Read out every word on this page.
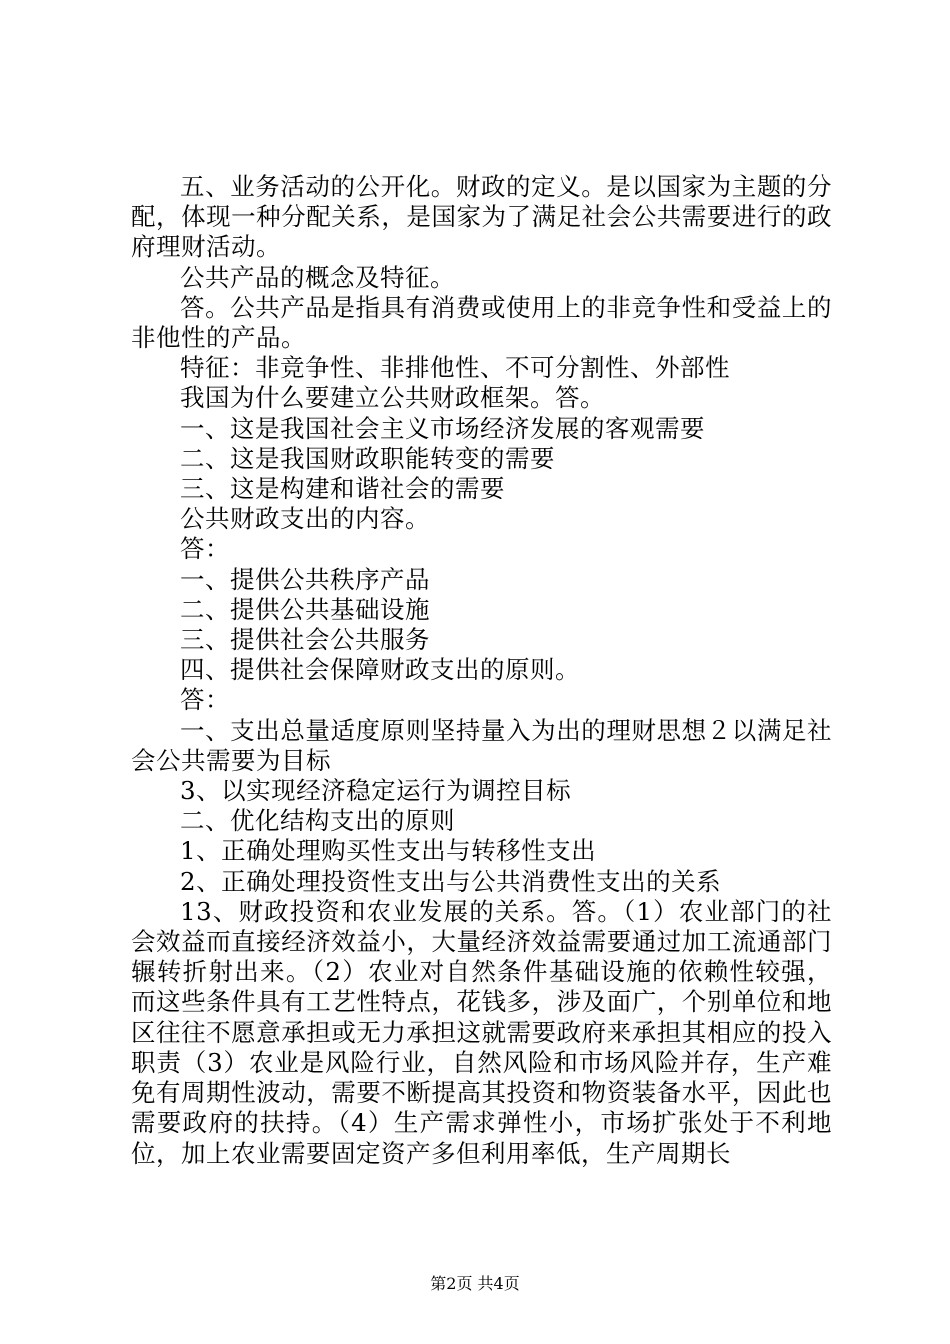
五、业务活动的公开化。财政的定义。是以国家为主题的分配，体现一种分配关系，是国家为了满足社会公共需要进行的政府理财活动。

公共产品的概念及特征。

答。公共产品是指具有消费或使用上的非竞争性和受益上的非他性的产品。

特征：非竞争性、非排他性、不可分割性、外部性

我国为什么要建立公共财政框架。答。

一、这是我国社会主义市场经济发展的客观需要

二、这是我国财政职能转变的需要

三、这是构建和谐社会的需要

公共财政支出的内容。

答：

一、提供公共秩序产品

二、提供公共基础设施

三、提供社会公共服务

四、提供社会保障财政支出的原则。

答：

一、支出总量适度原则坚持量入为出的理财思想２以满足社会公共需要为目标

3、以实现经济稳定运行为调控目标

二、优化结构支出的原则

1、正确处理购买性支出与转移性支出

2、正确处理投资性支出与公共消费性支出的关系

13、财政投资和农业发展的关系。答。（1）农业部门的社会效益而直接经济效益小，大量经济效益需要通过加工流通部门辗转折射出来。（2）农业对自然条件基础设施的依赖性较强，而这些条件具有工艺性特点，花钱多，涉及面广，个别单位和地区往往不愿意承担或无力承担这就需要政府来承担其相应的投入职责（3）农业是风险行业，自然风险和市场风险并存，生产难免有周期性波动，需要不断提高其投资和物资装备水平，因此也需要政府的扶持。（4）生产需求弹性小，市场扩张处于不利地位，加上农业需要固定资产多但利用率低，生产周期长

第2页 共4页
